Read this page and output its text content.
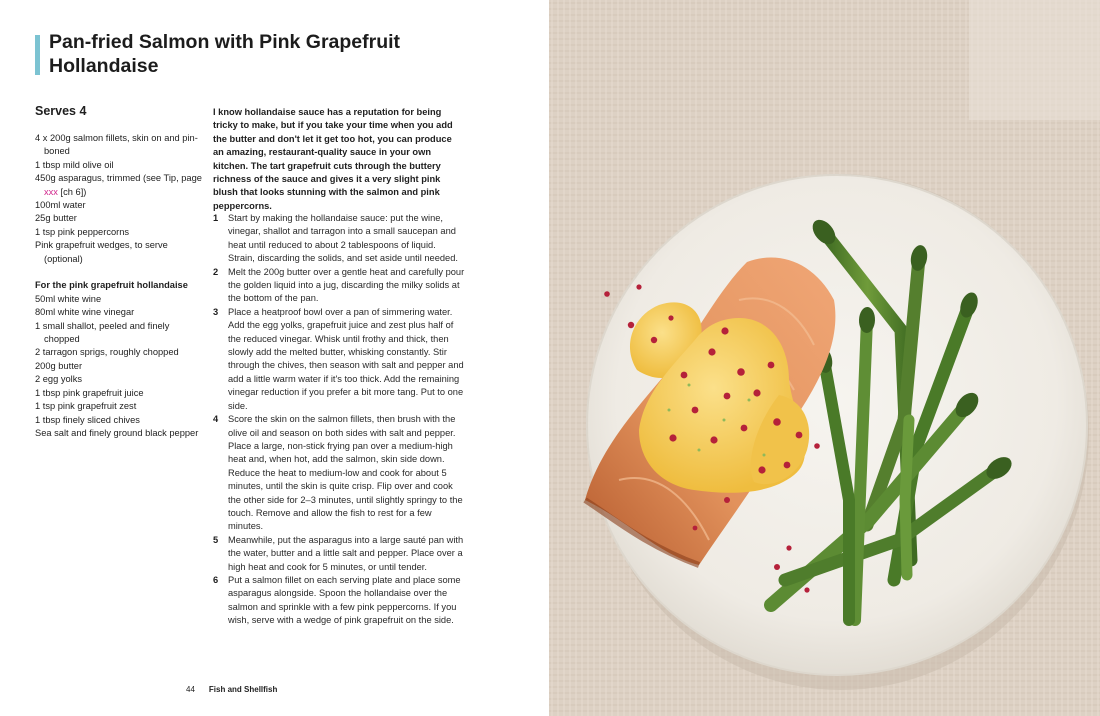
Pan-fried Salmon with Pink Grapefruit Hollandaise
Serves 4
4 x 200g salmon fillets, skin on and pin-boned
1 tbsp mild olive oil
450g asparagus, trimmed (see Tip, page xxx [ch 6])
100ml water
25g butter
1 tsp pink peppercorns
Pink grapefruit wedges, to serve (optional)
For the pink grapefruit hollandaise
50ml white wine
80ml white wine vinegar
1 small shallot, peeled and finely chopped
2 tarragon sprigs, roughly chopped
200g butter
2 egg yolks
1 tbsp pink grapefruit juice
1 tsp pink grapefruit zest
1 tbsp finely sliced chives
Sea salt and finely ground black pepper

I know hollandaise sauce has a reputation for being tricky to make, but if you take your time when you add the butter and don't let it get too hot, you can produce an amazing, restaurant-quality sauce in your own kitchen. The tart grapefruit cuts through the buttery richness of the sauce and gives it a very slight pink blush that looks stunning with the salmon and pink peppercorns.

1 Start by making the hollandaise sauce: put the wine, vinegar, shallot and tarragon into a small saucepan and heat until reduced to about 2 tablespoons of liquid. Strain, discarding the solids, and set aside until needed.
2 Melt the 200g butter over a gentle heat and carefully pour the golden liquid into a jug, discarding the milky solids at the bottom of the pan.
3 Place a heatproof bowl over a pan of simmering water. Add the egg yolks, grapefruit juice and zest plus half of the reduced vinegar. Whisk until frothy and thick, then slowly add the melted butter, whisking constantly. Stir through the chives, then season with salt and pepper and add a little warm water if it's too thick. Add the remaining vinegar reduction if you prefer a bit more tang. Put to one side.
4 Score the skin on the salmon fillets, then brush with the olive oil and season on both sides with salt and pepper. Place a large, non-stick frying pan over a medium-high heat and, when hot, add the salmon, skin side down. Reduce the heat to medium-low and cook for about 5 minutes, until the skin is quite crisp. Flip over and cook the other side for 2–3 minutes, until slightly springy to the touch. Remove and allow the fish to rest for a few minutes.
5 Meanwhile, put the asparagus into a large sauté pan with the water, butter and a little salt and pepper. Place over a high heat and cook for 5 minutes, or until tender.
6 Put a salmon fillet on each serving plate and place some asparagus alongside. Spoon the hollandaise over the salmon and sprinkle with a few pink peppercorns. If you wish, serve with a wedge of pink grapefruit on the side.
44 Fish and Shellfish
